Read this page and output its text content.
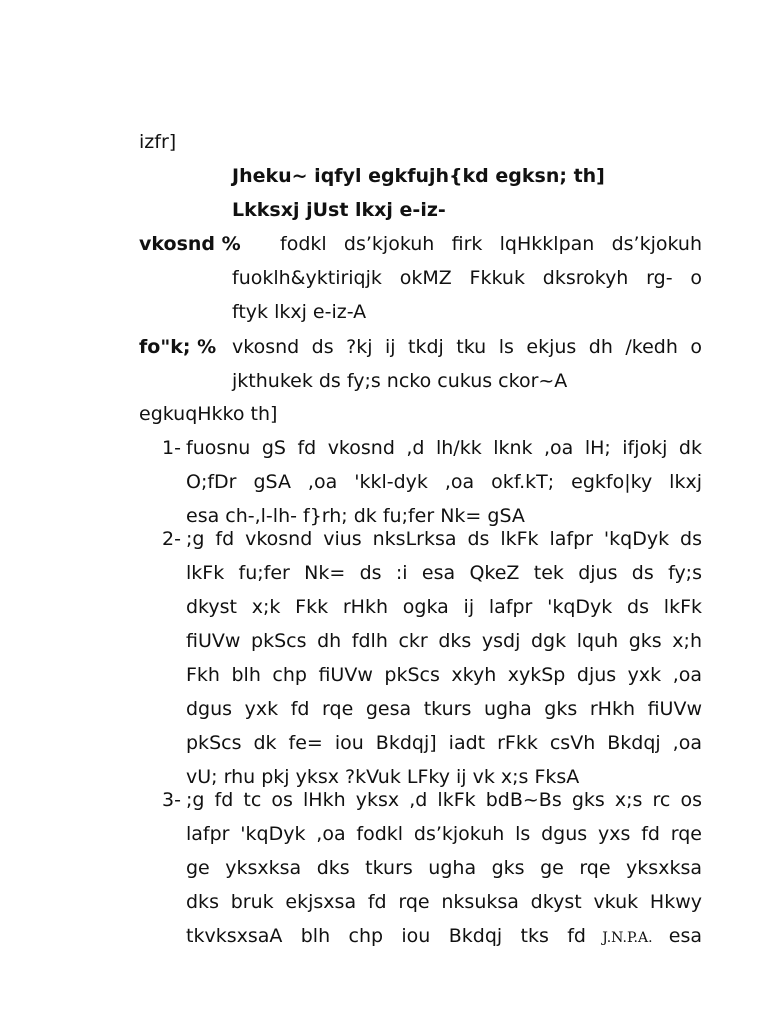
izfr]
Jheku~ iqfyl egkfujh{kd egksn; th]
Lkksxj jUst lkxj e-iz-
vkosnd % fodkl ds’kjokuh firk lqHkklpan ds’kjokuh
fuoklh&yktiriqjk okMZ Fkkuk dksrokyh rg- o
ftyk lkxj e-iz-A
fo"k; % vkosnd ds ?kj ij tkdj tku ls ekjus dh /kedh o
jkthukek ds fy;s ncko cukus ckor~A
egkuqHkko th]
1- fuosnu gS fd vkosnd ,d lh/kk lknk ,oa lH; ifjokj dk
O;fDr gSA ,oa 'kkl-dyk ,oa okf.kT; egkfo|ky lkxj
esa ch-,l-lh- f}rh; dk fu;fer Nk= gSA
2- ;g fd vkosnd vius nksLrksa ds lkFk lafpr 'kqDyk ds
lkFk fu;fer Nk= ds :i esa QkeZ tek djus ds fy;s
dkyst x;k Fkk rHkh ogka ij lafpr 'kqDyk ds lkFk
fiUVw pkScs dh fdlh ckr dks ysdj dgk lquh gks x;h
Fkh blh chp fiUVw pkScs xkyh xykSp djus yxk ,oa
dgus yxk fd rqe gesa tkurs ugha gks rHkh fiUVw
pkScs dk fe= iou Bkdqj] iadt rFkk csVh Bkdqj ,oa
vU; rhu pkj yksx ?kVuk LFky ij vk x;s FksA
3- ;g fd tc os lHkh yksx ,d lkFk bdB~Bs gks x;s rc os
lafpr 'kqDyk ,oa fodkl ds’kjokuh ls dgus yxs fd rqe
ge yksxksa dks tkurs ugha gks ge rqe yksxksa
dks bruk ekjsxsa fd rqe nksuksa dkyst vkuk Hkwy
tkvksxsaA blh chp iou Bkdqj tks fd J.N.P.A. esa
